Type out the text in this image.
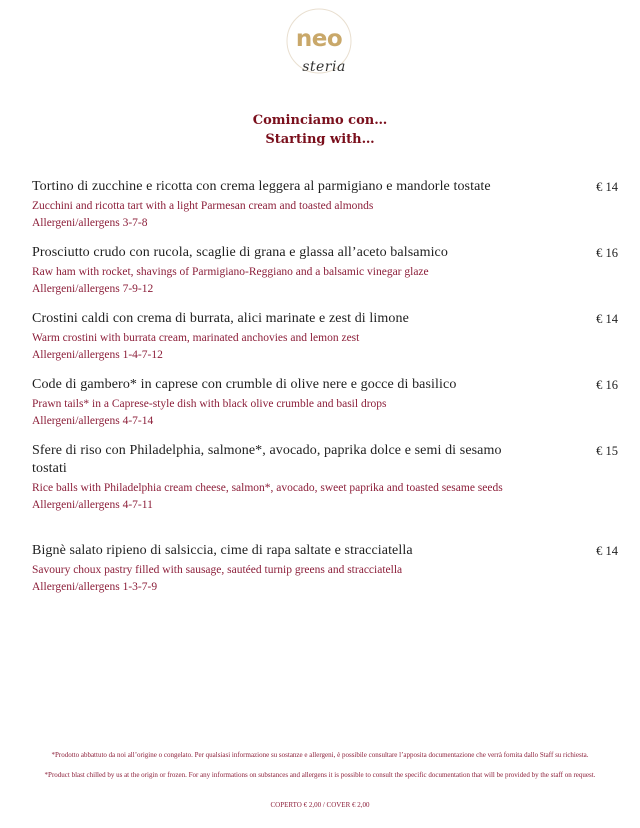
neo
steria
Cominciamo con…
Starting with…
Tortino di zucchine e ricotta con crema leggera al parmigiano e mandorle tostate
Zucchini and ricotta tart with a light Parmesan cream and toasted almonds
Allergeni/allergens 3-7-8
€ 14
Prosciutto crudo con rucola, scaglie di grana e glassa all’aceto balsamico
Raw ham with rocket, shavings of Parmigiano-Reggiano and a balsamic vinegar glaze
Allergeni/allergens 7-9-12
€ 16
Crostini caldi con crema di burrata, alici marinate e zest di limone
Warm crostini with burrata cream, marinated anchovies and lemon zest
Allergeni/allergens 1-4-7-12
€ 14
Code di gambero* in caprese con crumble di olive nere e gocce di basilico
Prawn tails* in a Caprese-style dish with black olive crumble and basil drops
Allergeni/allergens 4-7-14
€ 16
Sfere di riso con Philadelphia, salmone*, avocado, paprika dolce e semi di sesamo tostati
Rice balls with Philadelphia cream cheese, salmon*, avocado, sweet paprika and toasted sesame seeds
Allergeni/allergens 4-7-11
€ 15
Bignè salato ripieno di salsiccia, cime di rapa saltate e stracciatella
Savoury choux pastry filled with sausage, sautéed turnip greens and stracciatella
Allergeni/allergens 1-3-7-9
€ 14
*Prodotto abbattuto da noi all’origine o congelato. Per qualsiasi informazione su sostanze e allergeni, è possibile consultare l’apposita documentazione che verrà fornita dallo Staff su richiesta.
*Product blast chilled by us at the origin or frozen. For any informations on substances and allergens it is possible to consult the specific documentation that will be provided by the staff on request.
COPERTO € 2,00 / COVER € 2,00
